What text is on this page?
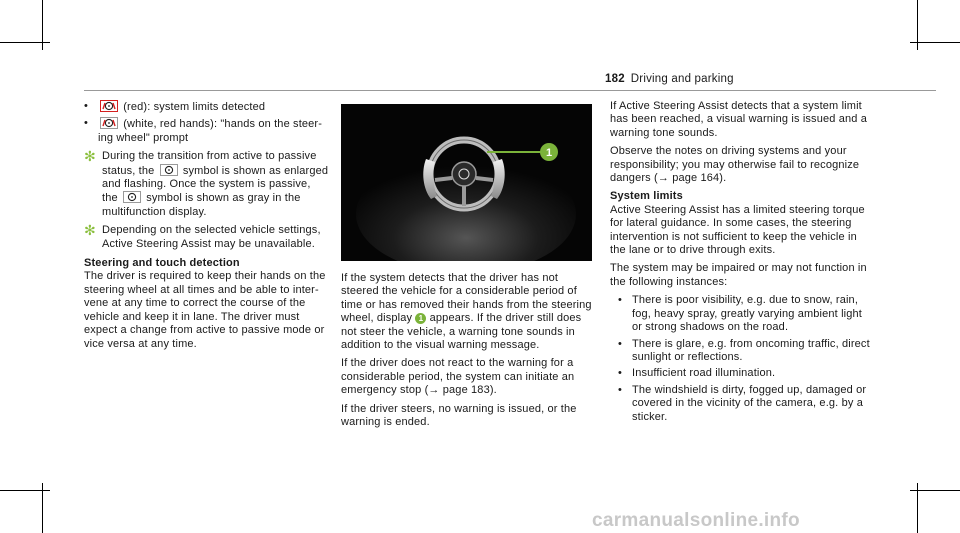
182 Driving and parking
• (red): system limits detected
• (white, red hands): "hands on the steering wheel" prompt
✻ During the transition from active to passive status, the	symbol is shown as enlarged and flashing. Once the system is passive, the	symbol is shown as gray in the multifunction display.
✻ Depending on the selected vehicle settings, Active Steering Assist may be unavailable.
Steering and touch detection

The driver is required to keep their hands on the steering wheel at all times and be able to intervene at any time to correct the course of the vehicle and keep it in lane. The driver must expect a change from active to passive mode or vice versa at any time.

1

If the system detects that the driver has not steered the vehicle for a considerable period of time or has removed their hands from the steering wheel, display 1 appears. If the driver still does not steer the vehicle, a warning tone sounds in addition to the visual warning message.

If the driver does not react to the warning for a considerable period, the system can initiate an emergency stop (→ page 183).

If the driver steers, no warning is issued, or the warning is ended.

If Active Steering Assist detects that a system limit has been reached, a visual warning is issued and a warning tone sounds.

Observe the notes on driving systems and your responsibility; you may otherwise fail to recognize dangers (→ page 164).

System limits

Active Steering Assist has a limited steering torque for lateral guidance. In some cases, the steering intervention is not sufficient to keep the vehicle in the lane or to drive through exits.

The system may be impaired or may not function in the following instances:

• There is poor visibility, e.g. due to snow, rain, fog, heavy spray, greatly varying ambient light or strong shadows on the road.
• There is glare, e.g. from oncoming traffic, direct sunlight or reflections.
• Insufficient road illumination.
• The windshield is dirty, fogged up, damaged or covered in the vicinity of the camera, e.g. by a sticker.
carmanualsonline.info
